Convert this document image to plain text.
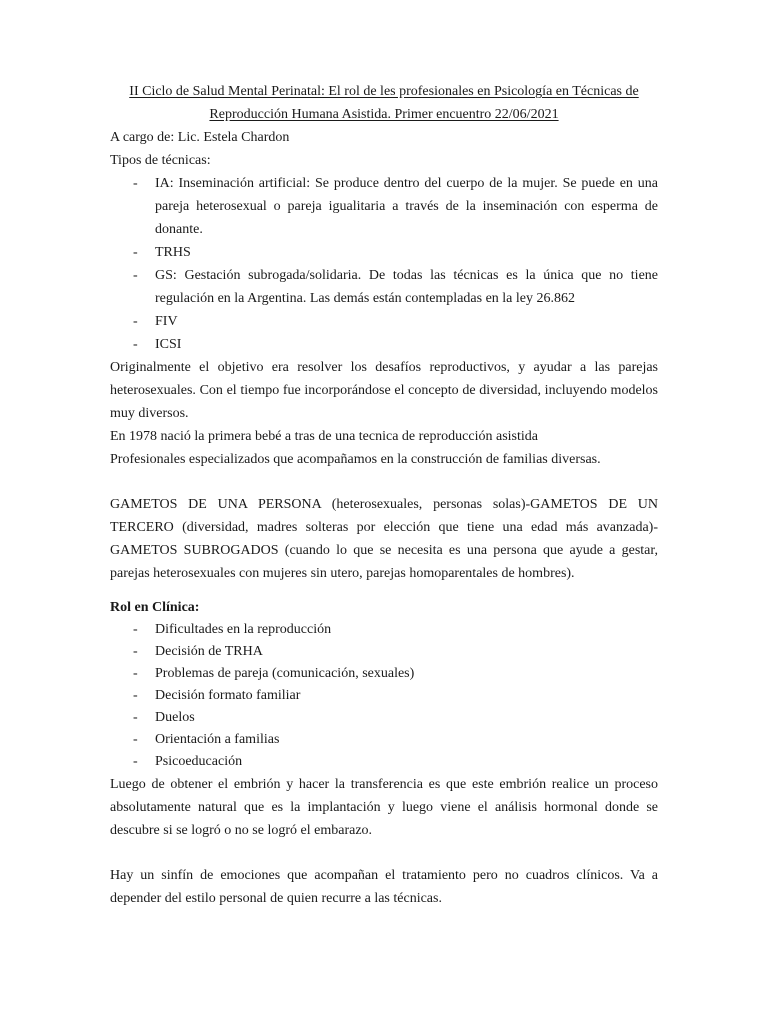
II Ciclo de Salud Mental Perinatal: El rol de les profesionales en Psicología en Técnicas de
Reproducción Humana Asistida. Primer encuentro 22/06/2021

A cargo de: Lic. Estela Chardon

Tipos de técnicas:

- IA: Inseminación artificial: Se produce dentro del cuerpo de la mujer. Se puede en una pareja heterosexual o pareja igualitaria a través de la inseminación con esperma de donante.
- TRHS
- GS: Gestación subrogada/solidaria. De todas las técnicas es la única que no tiene regulación en la Argentina. Las demás están contempladas en la ley 26.862
- FIV
- ICSI

Originalmente el objetivo era resolver los desafíos reproductivos, y ayudar a las parejas heterosexuales. Con el tiempo fue incorporándose el concepto de diversidad, incluyendo modelos muy diversos.

En 1978 nació la primera bebé a tras de una tecnica de reproducción asistida

Profesionales especializados que acompañamos en la construcción de familias diversas.

GAMETOS DE UNA PERSONA (heterosexuales, personas solas)-GAMETOS DE UN TERCERO (diversidad, madres solteras por elección que tiene una edad más avanzada)- GAMETOS SUBROGADOS (cuando lo que se necesita es una persona que ayude a gestar, parejas heterosexuales con mujeres sin utero, parejas homoparentales de hombres).

Rol en Clínica:

- Dificultades en la reproducción
- Decisión de TRHA
- Problemas de pareja (comunicación, sexuales)
- Decisión formato familiar
- Duelos
- Orientación a familias
- Psicoeducación

Luego de obtener el embrión y hacer la transferencia es que este embrión realice un proceso absolutamente natural que es la implantación y luego viene el análisis hormonal donde se descubre si se logró o no se logró el embarazo.

Hay un sinfín de emociones que acompañan el tratamiento pero no cuadros clínicos. Va a depender del estilo personal de quien recurre a las técnicas.
